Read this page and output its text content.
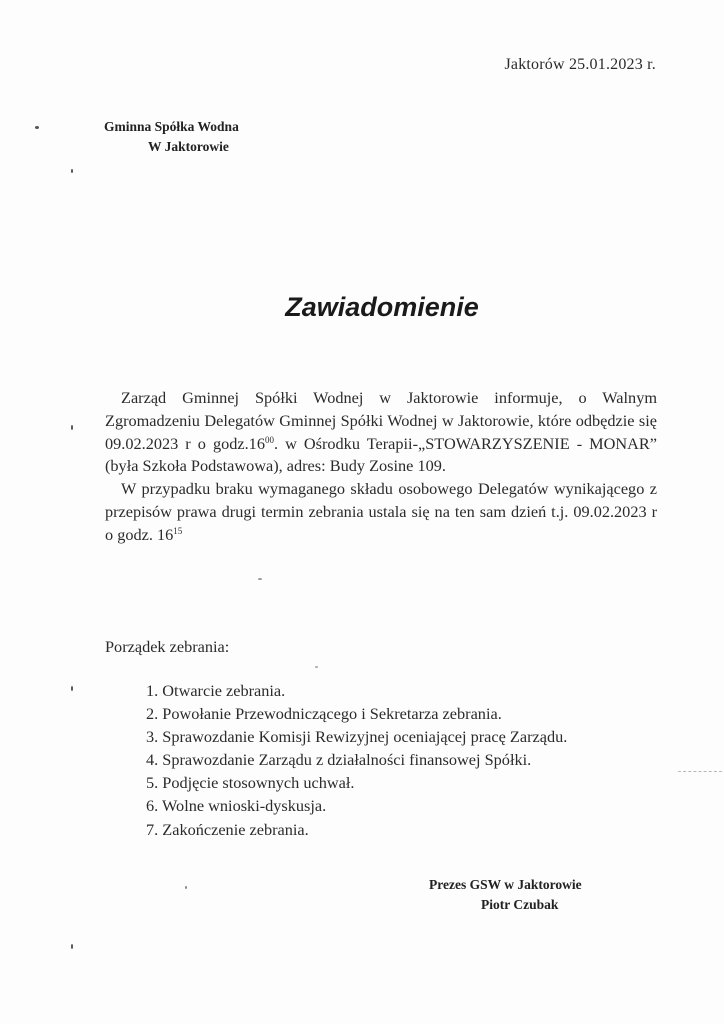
Jaktorów 25.01.2023 r.
Gminna Spółka Wodna
W Jaktorowie
Zawiadomienie

Zarząd Gminnej Spółki Wodnej w Jaktorowie informuje, o Walnym Zgromadzeniu Delegatów Gminnej Spółki Wodnej w Jaktorowie, które odbędzie się 09.02.2023 r o $godz.16^{00}$. w Ośrodku Terapii-„STOWARZYSZENIE - MONAR” (była Szkoła Podstawowa), adres: Budy Zosine 109.

W przypadku braku wymaganego składu osobowego Delegatów wynikającego z przepisów prawa drugi termin zebrania ustala się na ten sam dzień t.j. 09.02.2023 r o godz. $16^{15}$

Porządek zebrania:
1. Otwarcie zebrania.
2. Powołanie Przewodniczącego i Sekretarza zebrania.
3. Sprawozdanie Komisji Rewizyjnej oceniającej pracę Zarządu.
4. Sprawozdanie Zarządu z działalności finansowej Spółki.
5. Podjęcie stosownych uchwał.
6. Wolne wnioski-dyskusja.
7. Zakończenie zebrania.
Prezes GSW w Jaktorowie
Piotr Czubak
